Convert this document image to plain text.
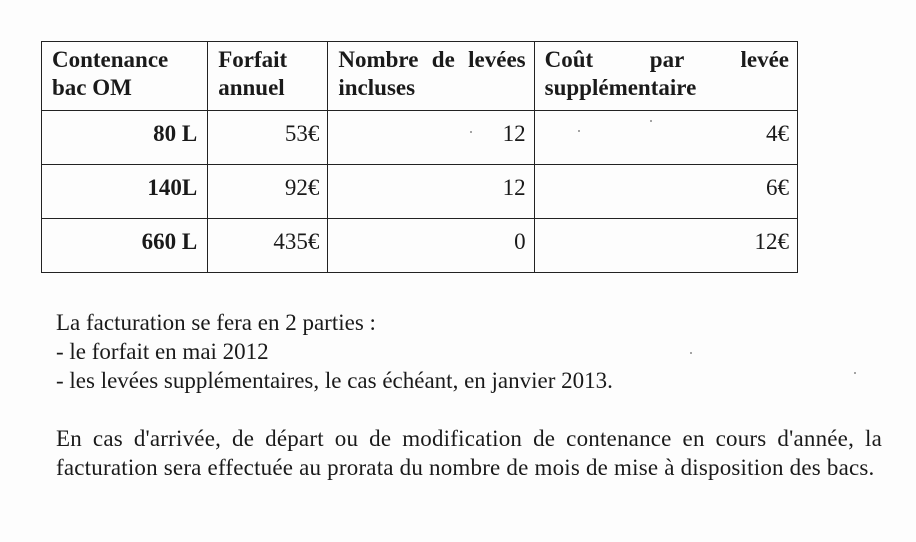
Contenance bac OM	Forfait annuel	Nombre de levées incluses	Coût par levée supplémentaire
80 L	53€	12	4€
140L	92€	12	6€
660 L	435€	0	12€

La facturation se fera en 2 parties :

- le forfait en mai 2012

- les levées supplémentaires, le cas échéant, en janvier 2013.

En cas d'arrivée, de départ ou de modification de contenance en cours d'année, la facturation sera effectuée au prorata du nombre de mois de mise à disposition des bacs.
